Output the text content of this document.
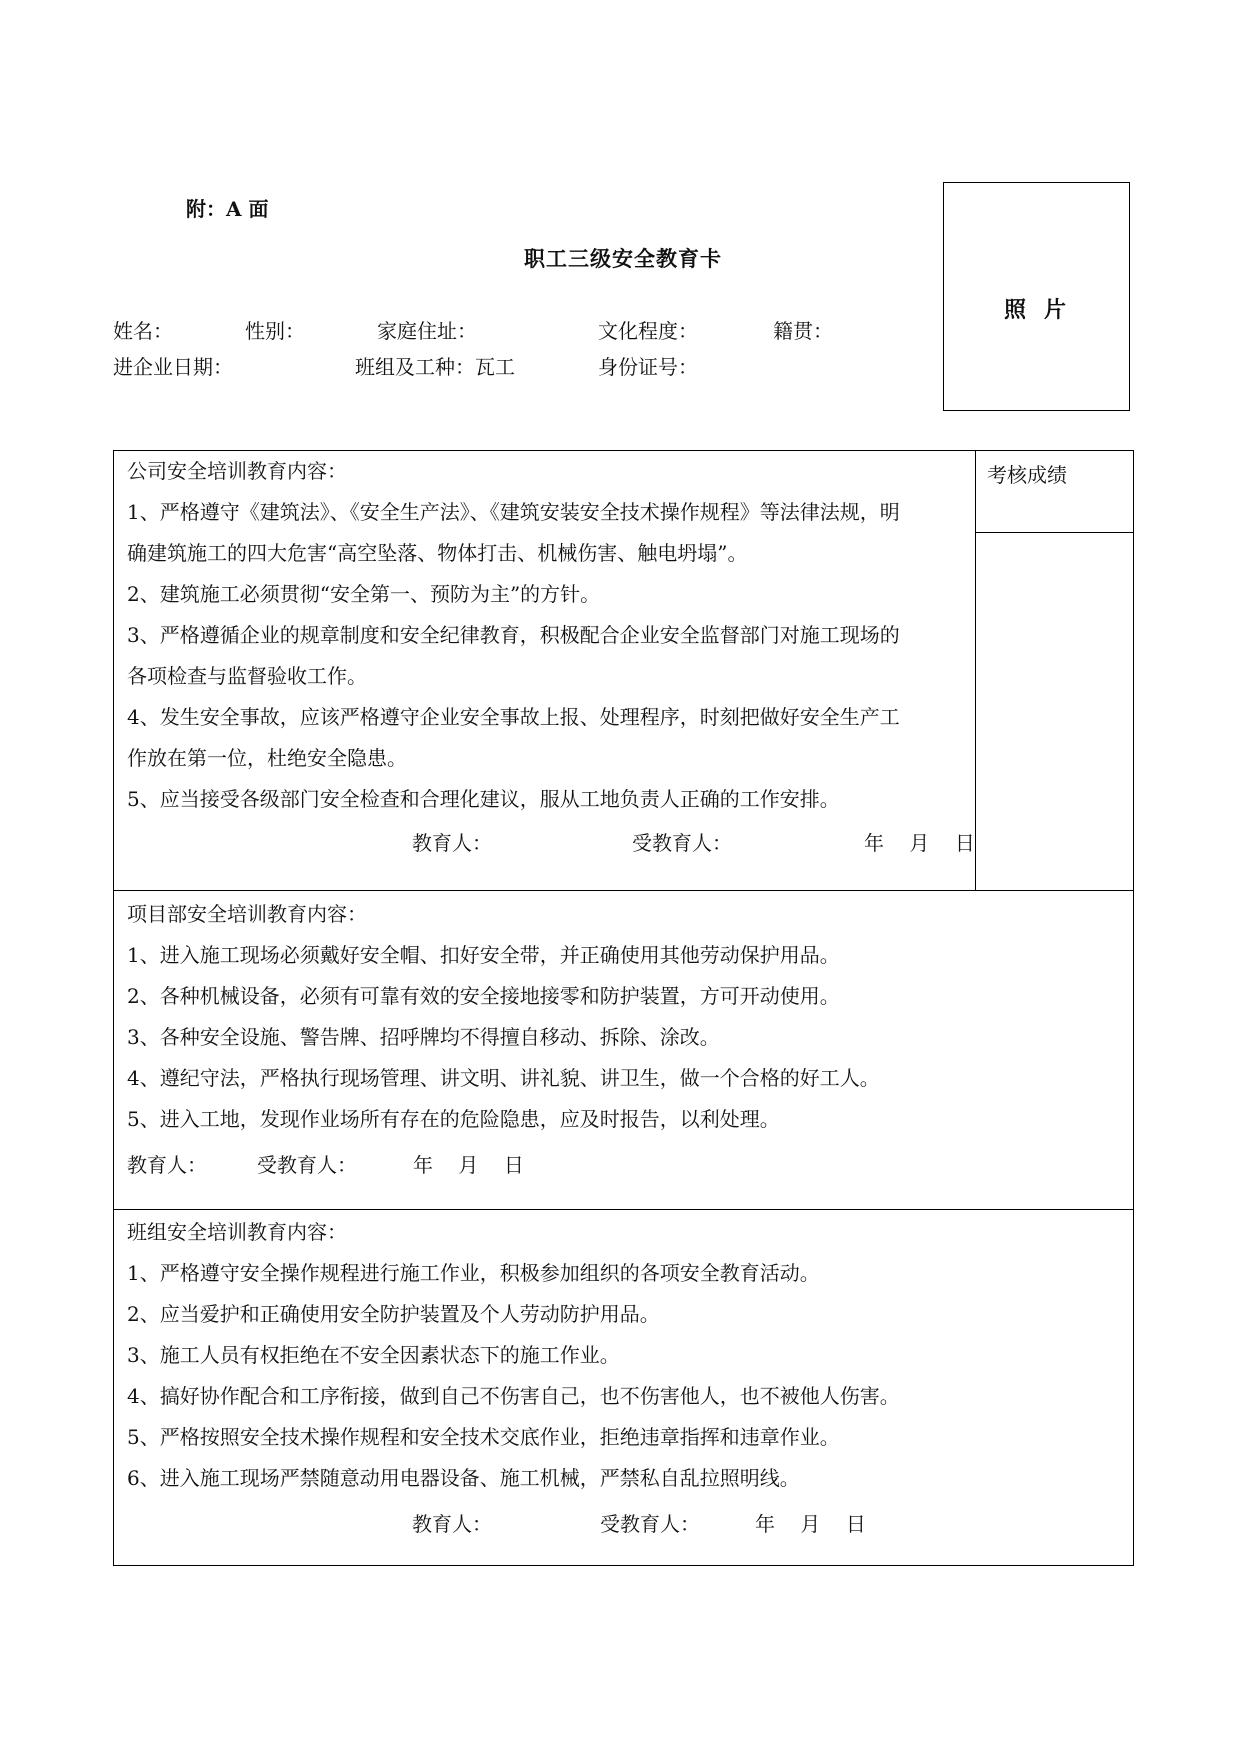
附：A 面
职工三级安全教育卡
姓名：	性别：	家庭住址：	文化程度：	籍贯：
进企业日期：	班组及工种：瓦工	身份证号：
照片
考核成绩
公司安全培训教育内容：
1、严格遵守《建筑法》、《安全生产法》、《建筑安装安全技术操作规程》等法律法规，明
确建筑施工的四大危害“高空坠落、物体打击、机械伤害、触电坍塌”。
2、建筑施工必须贯彻“安全第一、预防为主”的方针。
3、严格遵循企业的规章制度和安全纪律教育，积极配合企业安全监督部门对施工现场的
各项检查与监督验收工作。
4、发生安全事故，应该严格遵守企业安全事故上报、处理程序，时刻把做好安全生产工
作放在第一位，杜绝安全隐患。
5、应当接受各级部门安全检查和合理化建议，服从工地负责人正确的工作安排。
教育人：	受教育人：	年    月    日
项目部安全培训教育内容：
1、进入施工现场必须戴好安全帽、扣好安全带，并正确使用其他劳动保护用品。
2、各种机械设备，必须有可靠有效的安全接地接零和防护装置，方可开动使用。
3、各种安全设施、警告牌、招呼牌均不得擅自移动、拆除、涂改。
4、遵纪守法，严格执行现场管理、讲文明、讲礼貌、讲卫生，做一个合格的好工人。
5、进入工地，发现作业场所有存在的危险隐患，应及时报告，以利处理。
教育人：	受教育人：	年    月    日
班组安全培训教育内容：
1、严格遵守安全操作规程进行施工作业，积极参加组织的各项安全教育活动。
2、应当爱护和正确使用安全防护装置及个人劳动防护用品。
3、施工人员有权拒绝在不安全因素状态下的施工作业。
4、搞好协作配合和工序衔接，做到自己不伤害自己，也不伤害他人，也不被他人伤害。
5、严格按照安全技术操作规程和安全技术交底作业，拒绝违章指挥和违章作业。
6、进入施工现场严禁随意动用电器设备、施工机械，严禁私自乱拉照明线。
教育人：	受教育人：	年    月    日
